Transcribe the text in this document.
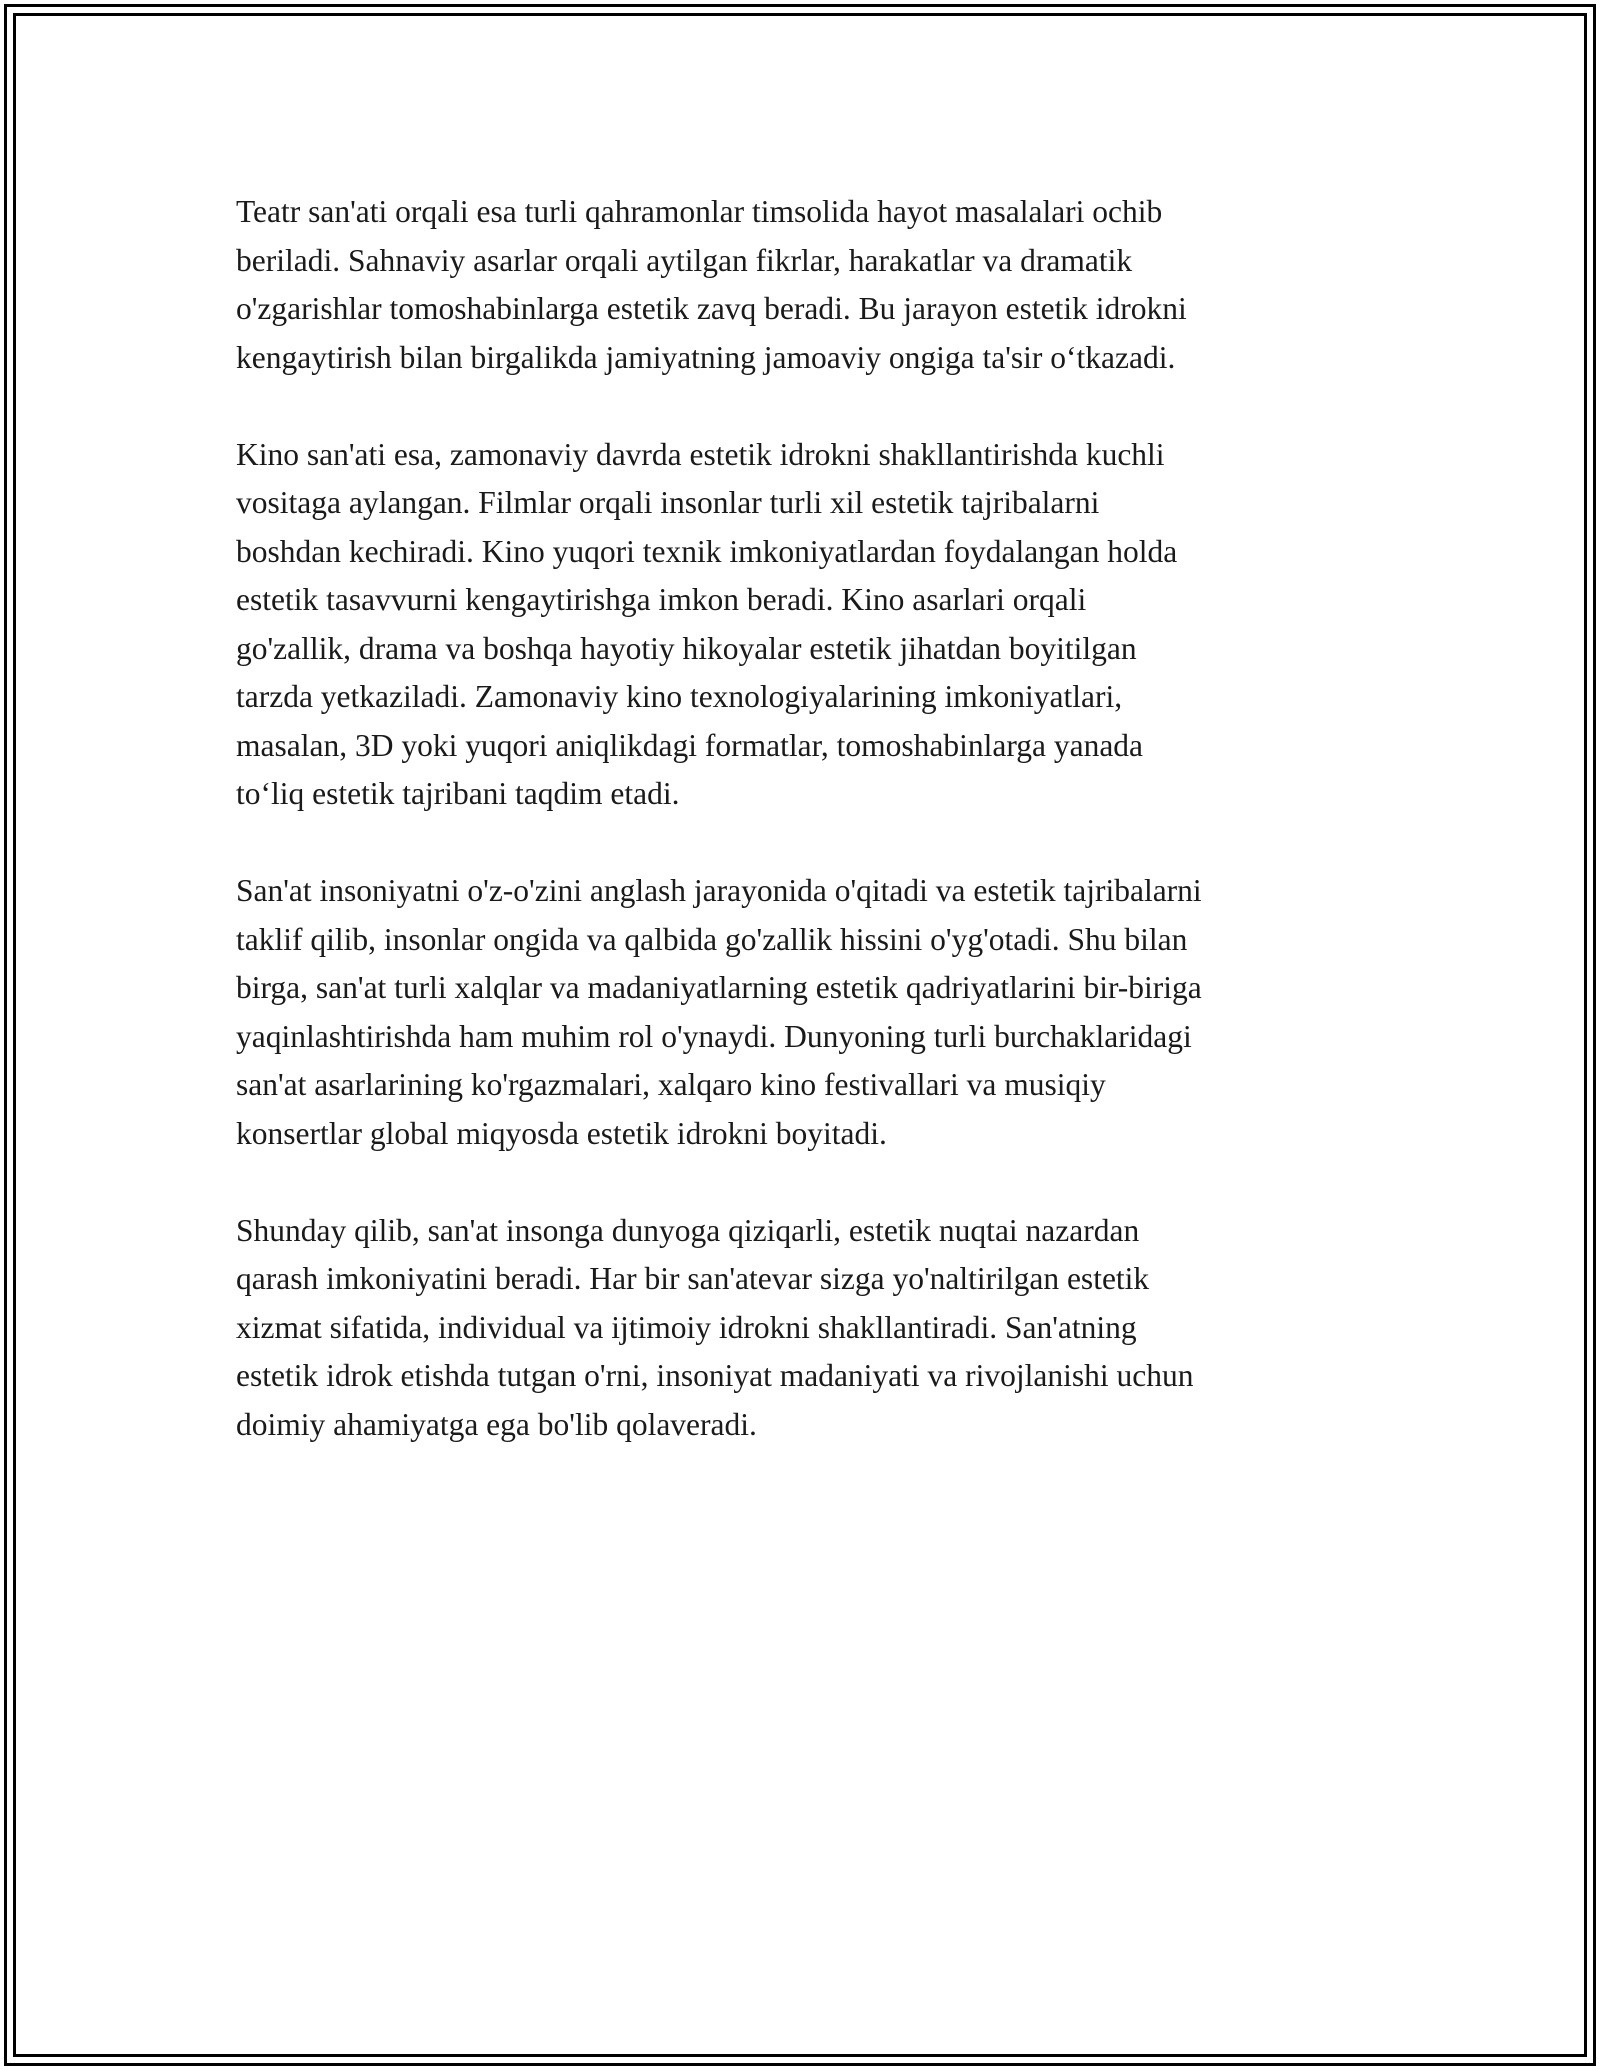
Teatr san'ati orqali esa turli qahramonlar timsolida hayot masalalari ochib
beriladi. Sahnaviy asarlar orqali aytilgan fikrlar, harakatlar va dramatik
o'zgarishlar tomoshabinlarga estetik zavq beradi. Bu jarayon estetik idrokni
kengaytirish bilan birgalikda jamiyatning jamoaviy ongiga ta'sir o‘tkazadi.

Kino san'ati esa, zamonaviy davrda estetik idrokni shakllantirishda kuchli
vositaga aylangan. Filmlar orqali insonlar turli xil estetik tajribalarni
boshdan kechiradi. Kino yuqori texnik imkoniyatlardan foydalangan holda
estetik tasavvurni kengaytirishga imkon beradi. Kino asarlari orqali
go'zallik, drama va boshqa hayotiy hikoyalar estetik jihatdan boyitilgan
tarzda yetkaziladi. Zamonaviy kino texnologiyalarining imkoniyatlari,
masalan, 3D yoki yuqori aniqlikdagi formatlar, tomoshabinlarga yanada
to‘liq estetik tajribani taqdim etadi.

San'at insoniyatni o'z-o'zini anglash jarayonida o'qitadi va estetik tajribalarni
taklif qilib, insonlar ongida va qalbida go'zallik hissini o'yg'otadi. Shu bilan
birga, san'at turli xalqlar va madaniyatlarning estetik qadriyatlarini bir-biriga
yaqinlashtirishda ham muhim rol o'ynaydi. Dunyoning turli burchaklaridagi
san'at asarlarining ko'rgazmalari, xalqaro kino festivallari va musiqiy
konsertlar global miqyosda estetik idrokni boyitadi.

Shunday qilib, san'at insonga dunyoga qiziqarli, estetik nuqtai nazardan
qarash imkoniyatini beradi. Har bir san'atevar sizga yo'naltirilgan estetik
xizmat sifatida, individual va ijtimoiy idrokni shakllantiradi. San'atning
estetik idrok etishda tutgan o'rni, insoniyat madaniyati va rivojlanishi uchun
doimiy ahamiyatga ega bo'lib qolaveradi.
